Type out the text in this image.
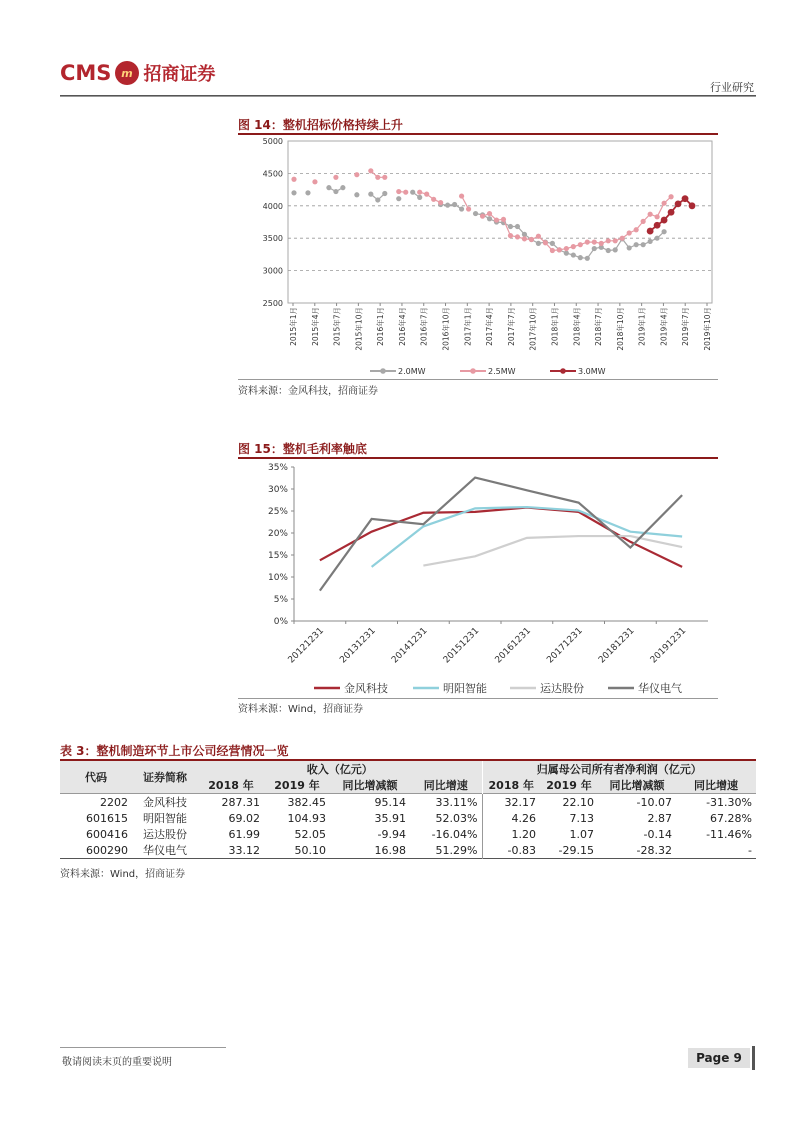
CMS m 招商证券
行业研究
图 14：整机招标价格持续上升
2500
3000
3500
4000
4500
5000
2015年1月 2015年4月 2015年7月 2015年10月 2016年1月 2016年4月 2016年7月 2016年10月 2017年1月 2017年4月 2017年7月 2017年10月 2018年1月 2018年4月 2018年7月 2018年10月 2019年1月 2019年4月 2019年7月 2019年10月
2.0MW	2.5MW	3.0MW
资料来源：金风科技，招商证券
图 15：整机毛利率触底
0%
5%
10%
15%
20%
25%
30%
35%
20121231 20131231 20141231 20151231 20161231 20171231 20181231 20191231
金风科技	明阳智能	运达股份	华仪电气
资料来源：Wind，招商证券
表 3：整机制造环节上市公司经营情况一览
代码	证券简称	收入（亿元）				归属母公司所有者净利润（亿元）			
		2018 年	2019 年	同比增减额	同比增速	2018 年	2019 年	同比增减额	同比增速
2202	金风科技	287.31	382.45	95.14	33.11%	32.17	22.10	-10.07	-31.30%
601615	明阳智能	69.02	104.93	35.91	52.03%	4.26	7.13	2.87	67.28%
600416	运达股份	61.99	52.05	-9.94	-16.04%	1.20	1.07	-0.14	-11.46%
600290	华仪电气	33.12	50.10	16.98	51.29%	-0.83	-29.15	-28.32	-
资料来源：Wind，招商证券
敬请阅读末页的重要说明	Page 9
